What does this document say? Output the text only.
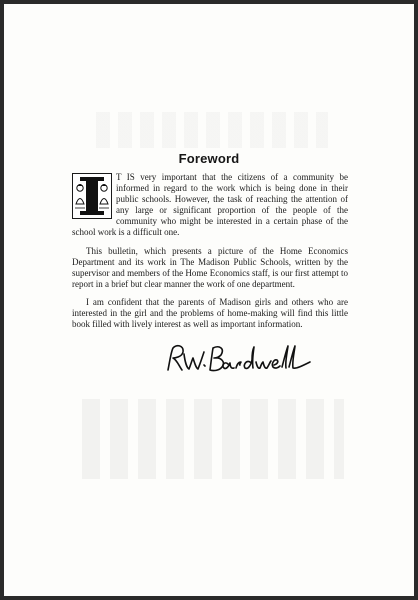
Foreword

T IS very important that the citizens of a community be informed in regard to the work which is being done in their public schools. However, the task of reaching the attention of any large or significant proportion of the people of the community who might be interested in a certain phase of the school work is a difficult one.

This bulletin, which presents a picture of the Home Economics Department and its work in The Madison Public Schools, written by the supervisor and members of the Home Economics staff, is our first attempt to report in a brief but clear manner the work of one department.

I am confident that the parents of Madison girls and others who are interested in the girl and the problems of home-making will find this little book filled with lively interest as well as important information.
